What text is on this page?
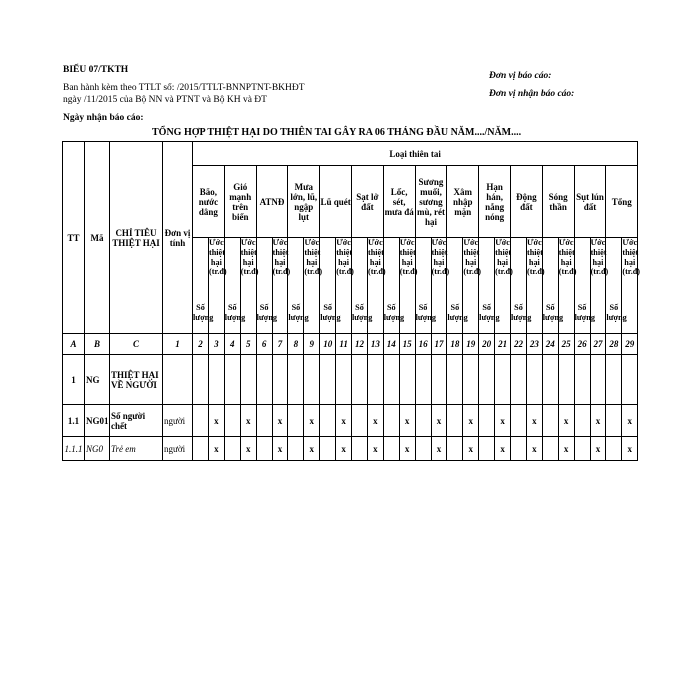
BIỂU 07/TKTH
Ban hành kèm theo TTLT số: /2015/TTLT-BNNPTNT-BKHĐT
ngày /11/2015 của Bộ NN và PTNT và Bộ KH và ĐT
Đơn vị báo cáo:
Đơn vị nhận báo cáo:
Ngày nhận báo cáo:
TỔNG HỢP THIỆT HẠI DO THIÊN TAI GÂY RA 06 THÁNG ĐẦU NĂM..../NĂM....
TT	Mã	CHỈ TIÊU THIỆT HẠI	Đơn vị tính	Loại thiên tai																											
				Bão, nước dâng		Gió mạnh trên biển		ATNĐ		Mưa lớn, lũ, ngập lụt		Lũ quét		Sạt lở đất		Lốc, sét, mưa đá		Sương muối, sương mù, rét hại		Xâm nhập mặn		Hạn hán, nắng nóng		Động đất		Sóng thần		Sụt lún đất		Tổng	
				Số lượng	Ước thiệt hại (tr.đ)	Số lượng	Ước thiệt hại (tr.đ)	Số lượng	Ước thiệt hại (tr.đ)	Số lượng	Ước thiệt hại (tr.đ)	Số lượng	Ước thiệt hại (tr.đ)	Số lượng	Ước thiệt hại (tr.đ)	Số lượng	Ước thiệt hại (tr.đ)	Số lượng	Ước thiệt hại (tr.đ)	Số lượng	Ước thiệt hại (tr.đ)	Số lượng	Ước thiệt hại (tr.đ)	Số lượng	Ước thiệt hại (tr.đ)	Số lượng	Ước thiệt hại (tr.đ)	Số lượng	Ước thiệt hại (tr.đ)	Số lượng	Ước thiệt hại (tr.đ)
A	B	C	1	2	3	4	5	6	7	8	9	10	11	12	13	14	15	16	17	18	19	20	21	22	23	24	25	26	27	28	29
1	NG	THIỆT HẠI VỀ NGƯỜI																													
1.1	NG01	Số người chết	người		x		x		x		x		x		x		x		x		x		x		x		x		x		x
1.1.1	NG0	Trẻ em	người		x		x		x		x		x		x		x		x		x		x		x		x		x		x
